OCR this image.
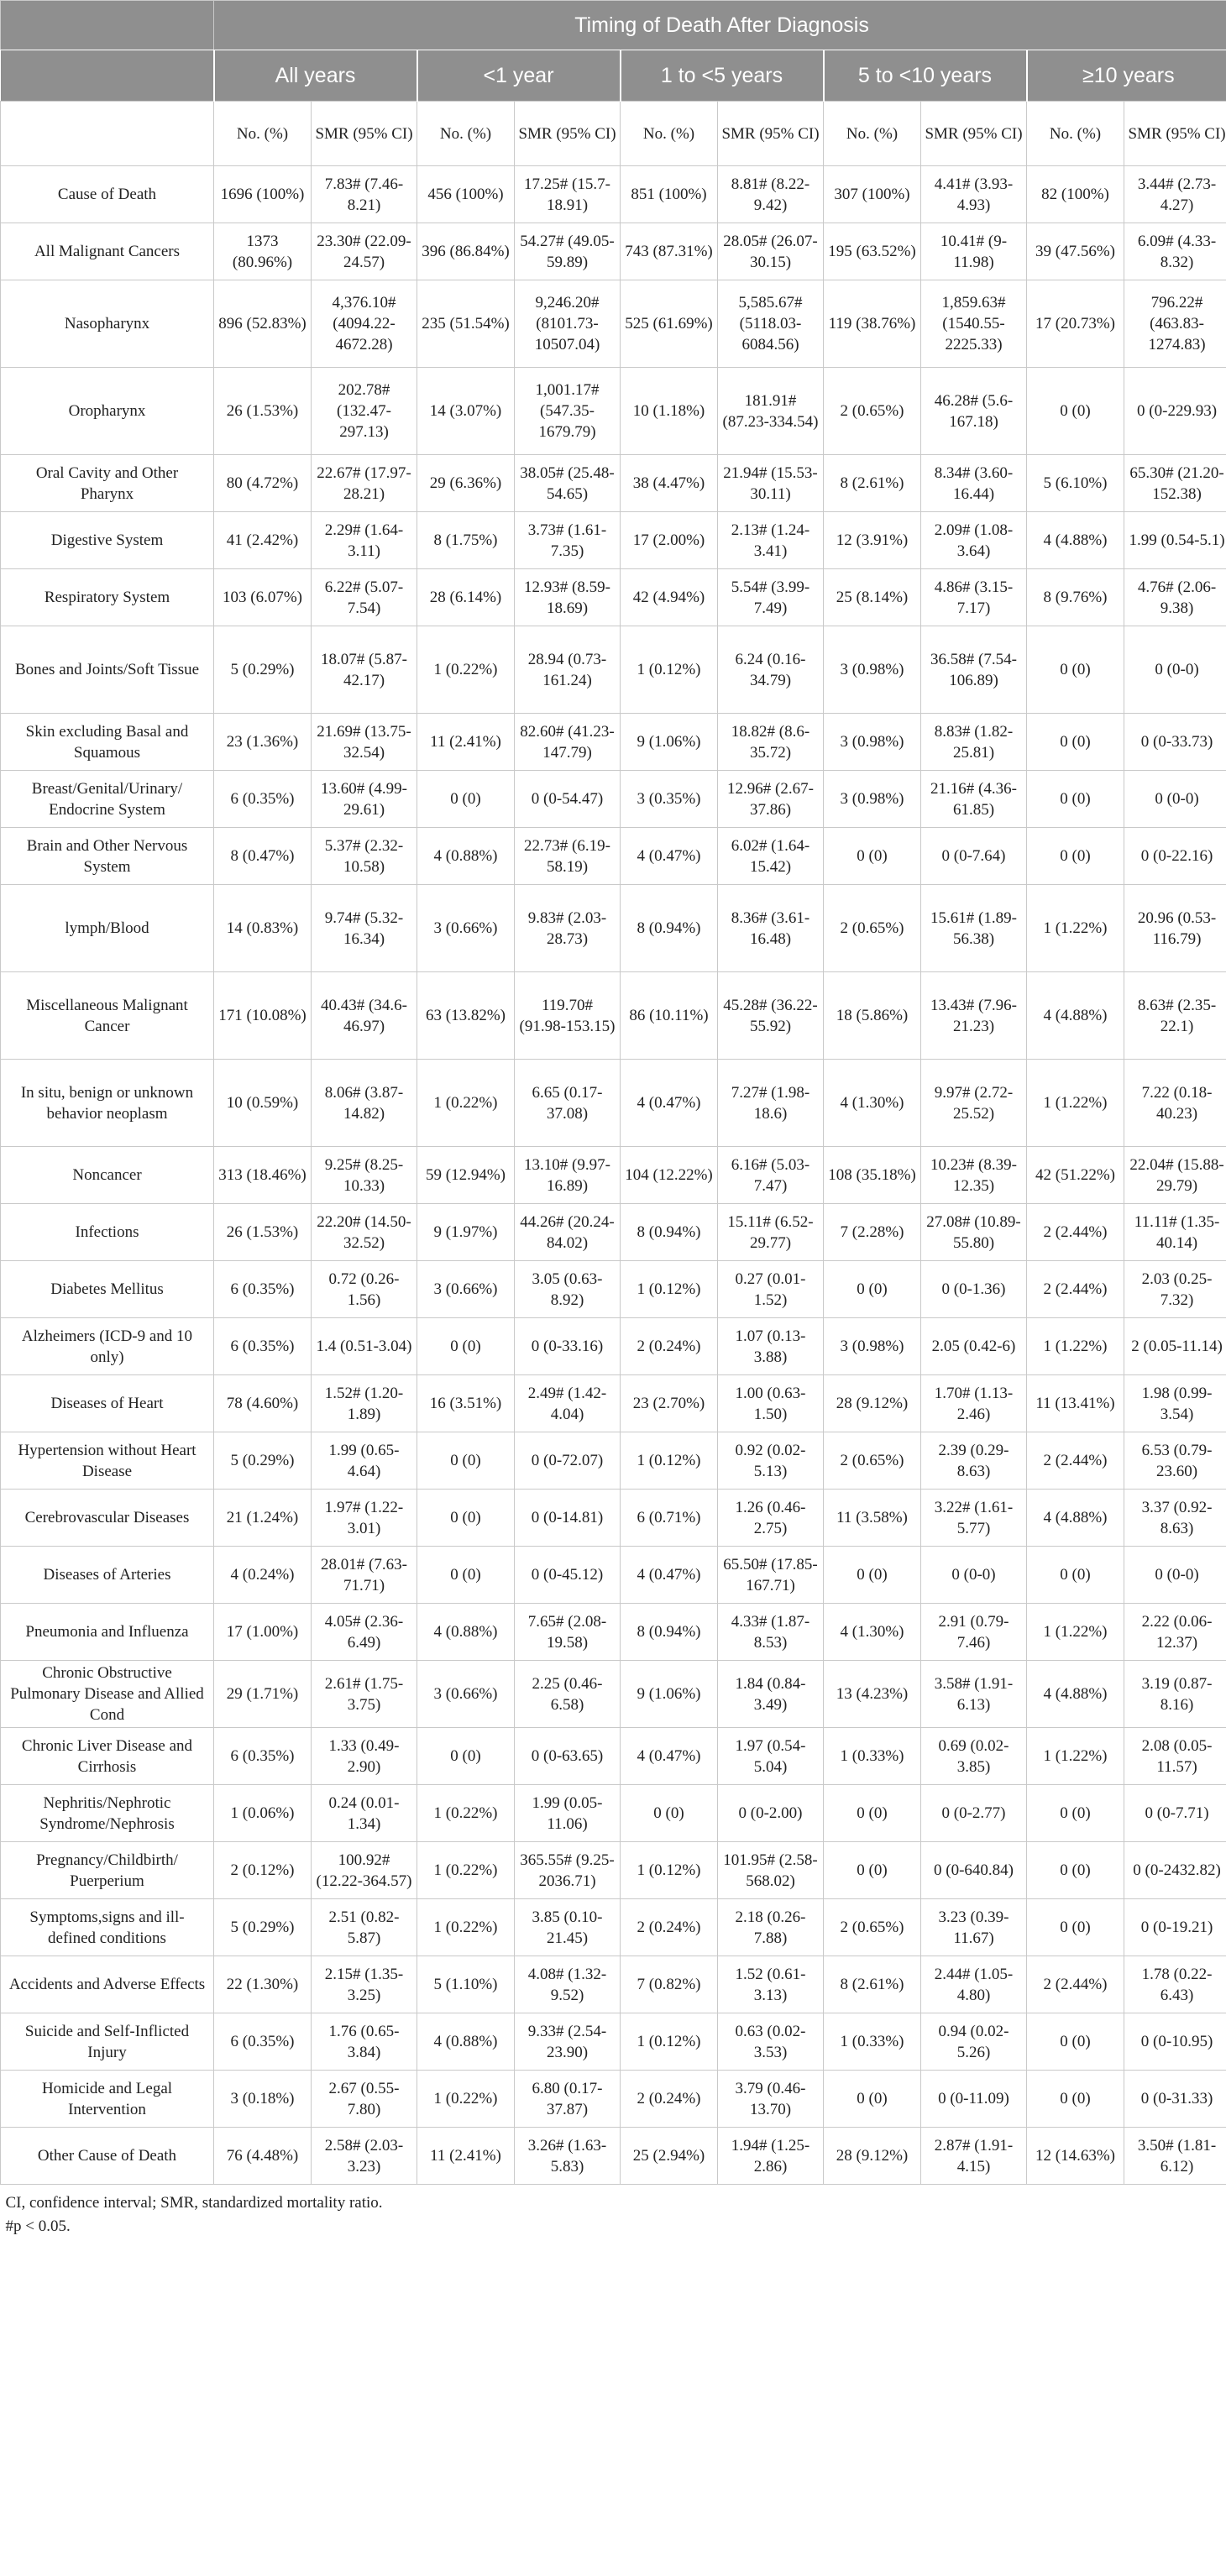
	Timing of Death After Diagnosis									
	All years		<1 year		1 to <5 years		5 to <10 years		≥10 years	
	No. (%)	SMR (95% CI)	No. (%)	SMR (95% CI)	No. (%)	SMR (95% CI)	No. (%)	SMR (95% CI)	No. (%)	SMR (95% CI)
Cause of Death	1696 (100%)	7.83# (7.46-8.21)	456 (100%)	17.25# (15.7-18.91)	851 (100%)	8.81# (8.22-9.42)	307 (100%)	4.41# (3.93-4.93)	82 (100%)	3.44# (2.73-4.27)
All Malignant Cancers	1373 (80.96%)	23.30# (22.09-24.57)	396 (86.84%)	54.27# (49.05-59.89)	743 (87.31%)	28.05# (26.07-30.15)	195 (63.52%)	10.41# (9-11.98)	39 (47.56%)	6.09# (4.33-8.32)
Nasopharynx	896 (52.83%)	4,376.10# (4094.22-4672.28)	235 (51.54%)	9,246.20# (8101.73-10507.04)	525 (61.69%)	5,585.67# (5118.03-6084.56)	119 (38.76%)	1,859.63# (1540.55-2225.33)	17 (20.73%)	796.22# (463.83-1274.83)
Oropharynx	26 (1.53%)	202.78# (132.47-297.13)	14 (3.07%)	1,001.17# (547.35-1679.79)	10 (1.18%)	181.91# (87.23-334.54)	2 (0.65%)	46.28# (5.6-167.18)	0 (0)	0 (0-229.93)
Oral Cavity and Other Pharynx	80 (4.72%)	22.67# (17.97-28.21)	29 (6.36%)	38.05# (25.48-54.65)	38 (4.47%)	21.94# (15.53-30.11)	8 (2.61%)	8.34# (3.60-16.44)	5 (6.10%)	65.30# (21.20-152.38)
Digestive System	41 (2.42%)	2.29# (1.64-3.11)	8 (1.75%)	3.73# (1.61-7.35)	17 (2.00%)	2.13# (1.24-3.41)	12 (3.91%)	2.09# (1.08-3.64)	4 (4.88%)	1.99 (0.54-5.1)
Respiratory System	103 (6.07%)	6.22# (5.07-7.54)	28 (6.14%)	12.93# (8.59-18.69)	42 (4.94%)	5.54# (3.99-7.49)	25 (8.14%)	4.86# (3.15-7.17)	8 (9.76%)	4.76# (2.06-9.38)
Bones and Joints/Soft Tissue	5 (0.29%)	18.07# (5.87-42.17)	1 (0.22%)	28.94 (0.73-161.24)	1 (0.12%)	6.24 (0.16-34.79)	3 (0.98%)	36.58# (7.54-106.89)	0 (0)	0 (0-0)
Skin excluding Basal and Squamous	23 (1.36%)	21.69# (13.75-32.54)	11 (2.41%)	82.60# (41.23-147.79)	9 (1.06%)	18.82# (8.6-35.72)	3 (0.98%)	8.83# (1.82-25.81)	0 (0)	0 (0-33.73)
Breast/Genital/Urinary/ Endocrine System	6 (0.35%)	13.60# (4.99-29.61)	0 (0)	0 (0-54.47)	3 (0.35%)	12.96# (2.67-37.86)	3 (0.98%)	21.16# (4.36-61.85)	0 (0)	0 (0-0)
Brain and Other Nervous System	8 (0.47%)	5.37# (2.32-10.58)	4 (0.88%)	22.73# (6.19-58.19)	4 (0.47%)	6.02# (1.64-15.42)	0 (0)	0 (0-7.64)	0 (0)	0 (0-22.16)
lymph/Blood	14 (0.83%)	9.74# (5.32-16.34)	3 (0.66%)	9.83# (2.03-28.73)	8 (0.94%)	8.36# (3.61-16.48)	2 (0.65%)	15.61# (1.89-56.38)	1 (1.22%)	20.96 (0.53-116.79)
Miscellaneous Malignant Cancer	171 (10.08%)	40.43# (34.6-46.97)	63 (13.82%)	119.70# (91.98-153.15)	86 (10.11%)	45.28# (36.22-55.92)	18 (5.86%)	13.43# (7.96-21.23)	4 (4.88%)	8.63# (2.35-22.1)
In situ, benign or unknown behavior neoplasm	10 (0.59%)	8.06# (3.87-14.82)	1 (0.22%)	6.65 (0.17-37.08)	4 (0.47%)	7.27# (1.98-18.6)	4 (1.30%)	9.97# (2.72-25.52)	1 (1.22%)	7.22 (0.18-40.23)
Noncancer	313 (18.46%)	9.25# (8.25-10.33)	59 (12.94%)	13.10# (9.97-16.89)	104 (12.22%)	6.16# (5.03-7.47)	108 (35.18%)	10.23# (8.39-12.35)	42 (51.22%)	22.04# (15.88-29.79)
Infections	26 (1.53%)	22.20# (14.50-32.52)	9 (1.97%)	44.26# (20.24-84.02)	8 (0.94%)	15.11# (6.52-29.77)	7 (2.28%)	27.08# (10.89-55.80)	2 (2.44%)	11.11# (1.35-40.14)
Diabetes Mellitus	6 (0.35%)	0.72 (0.26-1.56)	3 (0.66%)	3.05 (0.63-8.92)	1 (0.12%)	0.27 (0.01-1.52)	0 (0)	0 (0-1.36)	2 (2.44%)	2.03 (0.25-7.32)
Alzheimers (ICD-9 and 10 only)	6 (0.35%)	1.4 (0.51-3.04)	0 (0)	0 (0-33.16)	2 (0.24%)	1.07 (0.13-3.88)	3 (0.98%)	2.05 (0.42-6)	1 (1.22%)	2 (0.05-11.14)
Diseases of Heart	78 (4.60%)	1.52# (1.20-1.89)	16 (3.51%)	2.49# (1.42-4.04)	23 (2.70%)	1.00 (0.63-1.50)	28 (9.12%)	1.70# (1.13-2.46)	11 (13.41%)	1.98 (0.99-3.54)
Hypertension without Heart Disease	5 (0.29%)	1.99 (0.65-4.64)	0 (0)	0 (0-72.07)	1 (0.12%)	0.92 (0.02-5.13)	2 (0.65%)	2.39 (0.29-8.63)	2 (2.44%)	6.53 (0.79-23.60)
Cerebrovascular Diseases	21 (1.24%)	1.97# (1.22-3.01)	0 (0)	0 (0-14.81)	6 (0.71%)	1.26 (0.46-2.75)	11 (3.58%)	3.22# (1.61-5.77)	4 (4.88%)	3.37 (0.92-8.63)
Diseases of Arteries	4 (0.24%)	28.01# (7.63-71.71)	0 (0)	0 (0-45.12)	4 (0.47%)	65.50# (17.85-167.71)	0 (0)	0 (0-0)	0 (0)	0 (0-0)
Pneumonia and Influenza	17 (1.00%)	4.05# (2.36-6.49)	4 (0.88%)	7.65# (2.08-19.58)	8 (0.94%)	4.33# (1.87-8.53)	4 (1.30%)	2.91 (0.79-7.46)	1 (1.22%)	2.22 (0.06-12.37)
Chronic Obstructive Pulmonary Disease and Allied Cond	29 (1.71%)	2.61# (1.75-3.75)	3 (0.66%)	2.25 (0.46-6.58)	9 (1.06%)	1.84 (0.84-3.49)	13 (4.23%)	3.58# (1.91-6.13)	4 (4.88%)	3.19 (0.87-8.16)
Chronic Liver Disease and Cirrhosis	6 (0.35%)	1.33 (0.49-2.90)	0 (0)	0 (0-63.65)	4 (0.47%)	1.97 (0.54-5.04)	1 (0.33%)	0.69 (0.02-3.85)	1 (1.22%)	2.08 (0.05-11.57)
Nephritis/Nephrotic Syndrome/Nephrosis	1 (0.06%)	0.24 (0.01-1.34)	1 (0.22%)	1.99 (0.05-11.06)	0 (0)	0 (0-2.00)	0 (0)	0 (0-2.77)	0 (0)	0 (0-7.71)
Pregnancy/Childbirth/ Puerperium	2 (0.12%)	100.92# (12.22-364.57)	1 (0.22%)	365.55# (9.25-2036.71)	1 (0.12%)	101.95# (2.58-568.02)	0 (0)	0 (0-640.84)	0 (0)	0 (0-2432.82)
Symptoms,signs and ill-defined conditions	5 (0.29%)	2.51 (0.82-5.87)	1 (0.22%)	3.85 (0.10-21.45)	2 (0.24%)	2.18 (0.26-7.88)	2 (0.65%)	3.23 (0.39-11.67)	0 (0)	0 (0-19.21)
Accidents and Adverse Effects	22 (1.30%)	2.15# (1.35-3.25)	5 (1.10%)	4.08# (1.32-9.52)	7 (0.82%)	1.52 (0.61-3.13)	8 (2.61%)	2.44# (1.05-4.80)	2 (2.44%)	1.78 (0.22-6.43)
Suicide and Self-Inflicted Injury	6 (0.35%)	1.76 (0.65-3.84)	4 (0.88%)	9.33# (2.54-23.90)	1 (0.12%)	0.63 (0.02-3.53)	1 (0.33%)	0.94 (0.02-5.26)	0 (0)	0 (0-10.95)
Homicide and Legal Intervention	3 (0.18%)	2.67 (0.55-7.80)	1 (0.22%)	6.80 (0.17-37.87)	2 (0.24%)	3.79 (0.46-13.70)	0 (0)	0 (0-11.09)	0 (0)	0 (0-31.33)
Other Cause of Death	76 (4.48%)	2.58# (2.03-3.23)	11 (2.41%)	3.26# (1.63-5.83)	25 (2.94%)	1.94# (1.25-2.86)	28 (9.12%)	2.87# (1.91-4.15)	12 (14.63%)	3.50# (1.81-6.12)

CI, confidence interval; SMR, standardized mortality ratio.
#p < 0.05.										
